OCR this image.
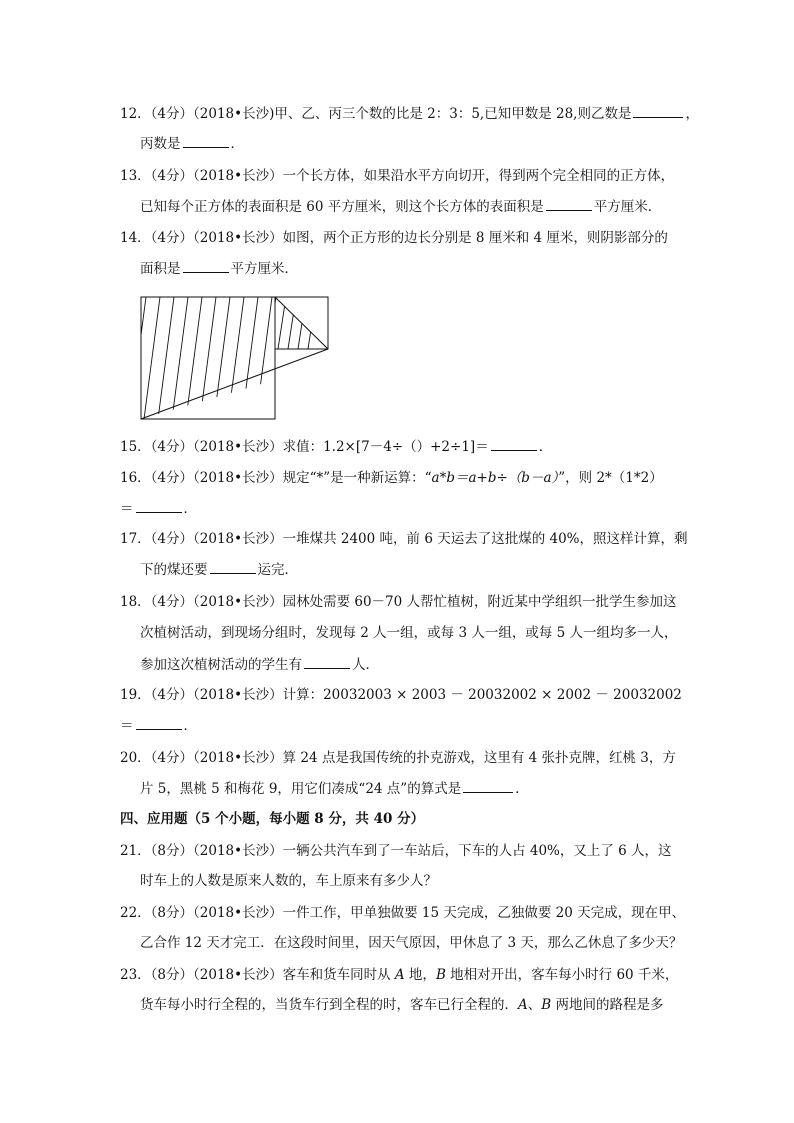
12．（4分）（2018•长沙)甲、乙、丙三个数的比是 2：3：5,已知甲数是 28,则乙数是	，
丙数是	．
13．（4分）（2018•长沙）一个长方体，如果沿水平方向切开，得到两个完全相同的正方体，
已知每个正方体的表面积是 60 平方厘米，则这个长方体的表面积是	平方厘米．
14．（4分）（2018•长沙）如图，两个正方形的边长分别是 8 厘米和 4 厘米，则阴影部分的
面积是	平方厘米．
15．（4分）（2018•长沙）求值：1.2×[7－4÷（）+2÷1]＝	．
16．（4分）（2018•长沙）规定“*”是一种新运算：“a*b＝a+b÷（b－a）”，则 2*（1*2）
＝	．
17．（4分）（2018•长沙）一堆煤共 2400 吨，前 6 天运去了这批煤的 40%，照这样计算，剩
下的煤还要	运完．
18．（4分）（2018•长沙）园林处需要 60－70 人帮忙植树，附近某中学组织一批学生参加这
次植树活动，到现场分组时，发现每 2 人一组，或每 3 人一组，或每 5 人一组均多一人，
参加这次植树活动的学生有	人．
19．（4分）（2018•长沙）计算：20032003 × 2003 － 20032002 × 2002 － 20032002
＝	．
20．（4分）（2018•长沙）算 24 点是我国传统的扑克游戏，这里有 4 张扑克牌，红桃 3，方
片 5，黑桃 5 和梅花 9，用它们凑成“24 点”的算式是	．
四、应用题（5 个小题，每小题 8 分，共 40 分）
21．（8分）（2018•长沙）一辆公共汽车到了一车站后，下车的人占 40%，又上了 6 人，这
时车上的人数是原来人数的，车上原来有多少人？
22．（8分）（2018•长沙）一件工作，甲单独做要 15 天完成，乙独做要 20 天完成，现在甲、
乙合作 12 天才完工．在这段时间里，因天气原因，甲休息了 3 天，那么乙休息了多少天？
23．（8分）（2018•长沙）客车和货车同时从 A 地，B 地相对开出，客车每小时行 60 千米，
货车每小时行全程的，当货车行到全程的时，客车已行全程的．A、B 两地间的路程是多
